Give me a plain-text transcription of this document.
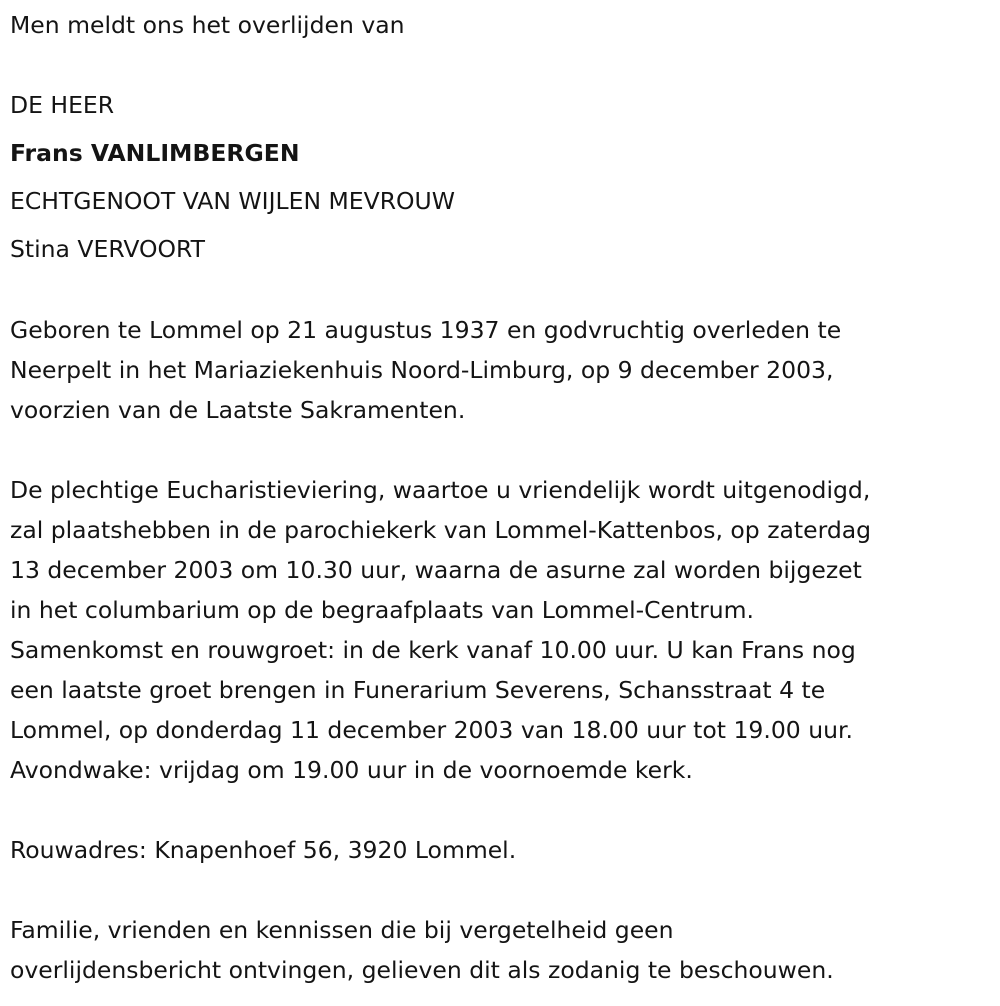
Men meldt ons het overlijden van
DE HEER
Frans VANLIMBERGEN
ECHTGENOOT VAN WIJLEN MEVROUW
Stina VERVOORT
Geboren te Lommel op 21 augustus 1937 en godvruchtig overleden te
Neerpelt in het Mariaziekenhuis Noord-Limburg, op 9 december 2003,
voorzien van de Laatste Sakramenten.
De plechtige Eucharistieviering, waartoe u vriendelijk wordt uitgenodigd,
zal plaatshebben in de parochiekerk van Lommel-Kattenbos, op zaterdag
13 december 2003 om 10.30 uur, waarna de asurne zal worden bijgezet
in het columbarium op de begraafplaats van Lommel-Centrum.
Samenkomst en rouwgroet: in de kerk vanaf 10.00 uur. U kan Frans nog
een laatste groet brengen in Funerarium Severens, Schansstraat 4 te
Lommel, op donderdag 11 december 2003 van 18.00 uur tot 19.00 uur.
Avondwake: vrijdag om 19.00 uur in de voornoemde kerk.
Rouwadres: Knapenhoef 56, 3920 Lommel.
Familie, vrienden en kennissen die bij vergetelheid geen
overlijdensbericht ontvingen, gelieven dit als zodanig te beschouwen.
